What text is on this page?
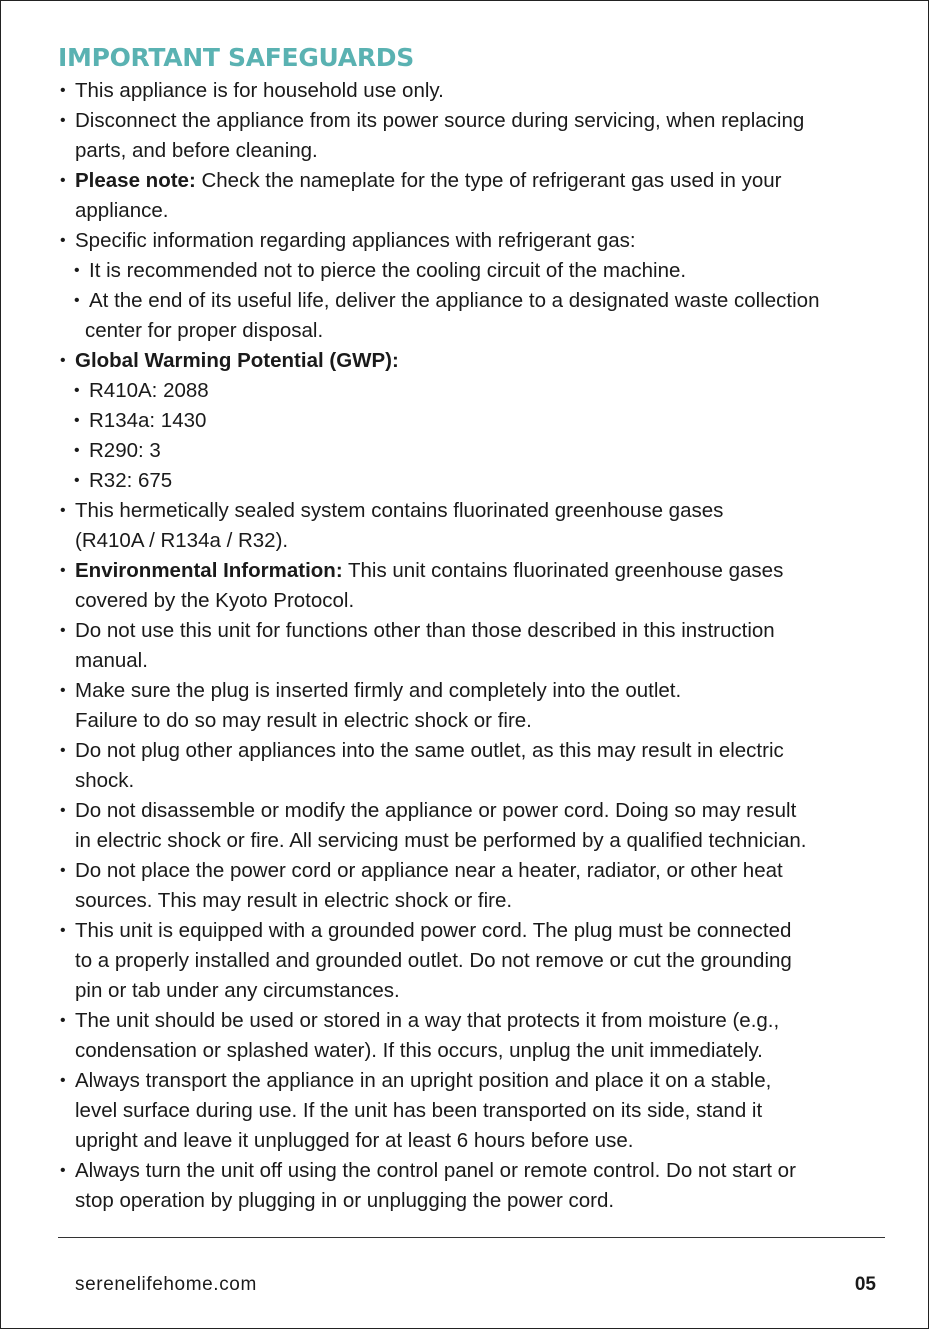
IMPORTANT SAFEGUARDS
• This appliance is for household use only.
• Disconnect the appliance from its power source during servicing, when replacing
parts, and before cleaning.
• Please note: Check the nameplate for the type of refrigerant gas used in your
appliance.
• Specific information regarding appliances with refrigerant gas:
• It is recommended not to pierce the cooling circuit of the machine.
• At the end of its useful life, deliver the appliance to a designated waste collection
center for proper disposal.
• Global Warming Potential (GWP):
• R410A: 2088
• R134a: 1430
• R290: 3
• R32: 675
• This hermetically sealed system contains fluorinated greenhouse gases
(R410A / R134a / R32).
• Environmental Information: This unit contains fluorinated greenhouse gases
covered by the Kyoto Protocol.
• Do not use this unit for functions other than those described in this instruction
manual.
• Make sure the plug is inserted firmly and completely into the outlet.
Failure to do so may result in electric shock or fire.
• Do not plug other appliances into the same outlet, as this may result in electric
shock.
• Do not disassemble or modify the appliance or power cord. Doing so may result
in electric shock or fire. All servicing must be performed by a qualified technician.
• Do not place the power cord or appliance near a heater, radiator, or other heat
sources. This may result in electric shock or fire.
• This unit is equipped with a grounded power cord. The plug must be connected
to a properly installed and grounded outlet. Do not remove or cut the grounding
pin or tab under any circumstances.
• The unit should be used or stored in a way that protects it from moisture (e.g.,
condensation or splashed water). If this occurs, unplug the unit immediately.
• Always transport the appliance in an upright position and place it on a stable,
level surface during use. If the unit has been transported on its side, stand it
upright and leave it unplugged for at least 6 hours before use.
• Always turn the unit off using the control panel or remote control. Do not start or
stop operation by plugging in or unplugging the power cord.
serenelifehome.com	05
